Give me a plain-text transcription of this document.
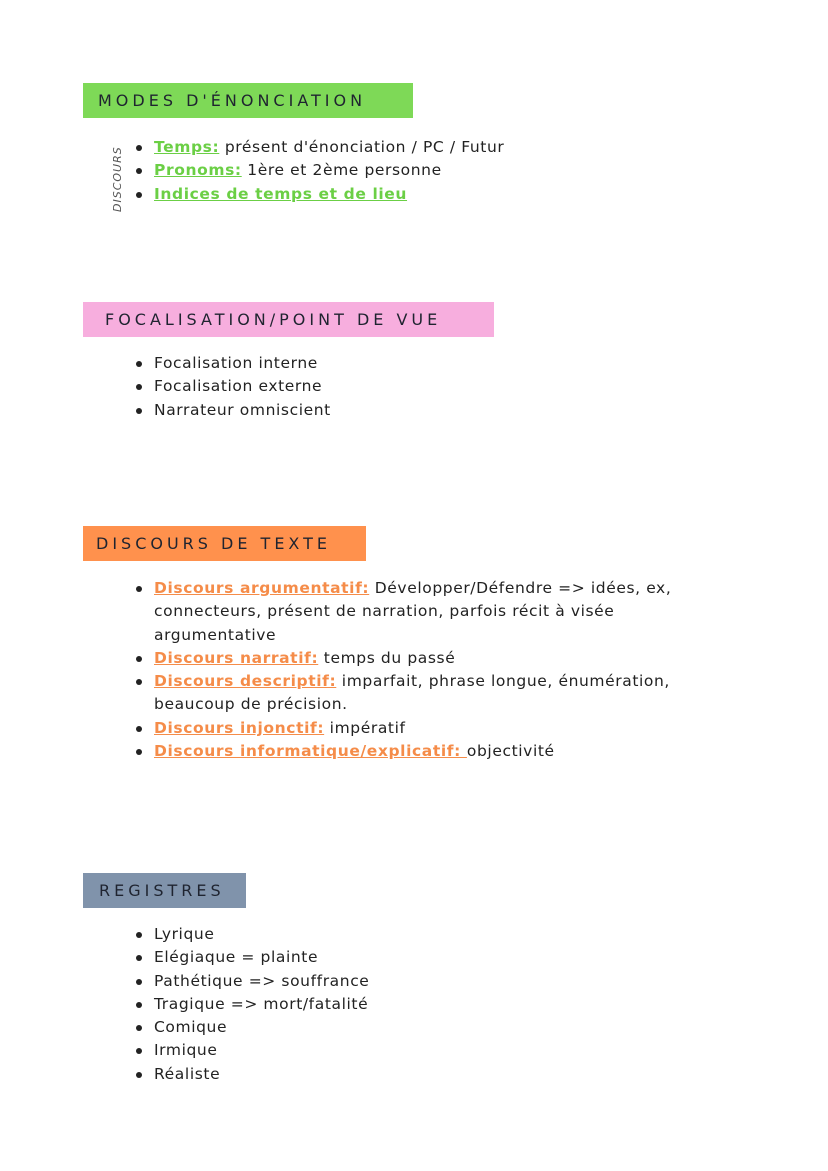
MODES D'ÉNONCIATION
DISCOURS	Temps: présent d'énonciation / PC / Futur
Pronoms: 1ère et 2ème personne
Indices de temps et de lieu
FOCALISATION/POINT DE VUE
Focalisation interne
Focalisation externe
Narrateur omniscient
DISCOURS DE TEXTE
Discours argumentatif: Développer/Défendre => idées, ex, connecteurs, présent de narration, parfois récit à visée argumentative
Discours narratif: temps du passé
Discours descriptif: imparfait, phrase longue, énumération, beaucoup de précision.
Discours injonctif: impératif
Discours informatique/explicatif: objectivité
REGISTRES
Lyrique
Elégiaque = plainte
Pathétique => souffrance
Tragique => mort/fatalité
Comique
Irmique
Réaliste
